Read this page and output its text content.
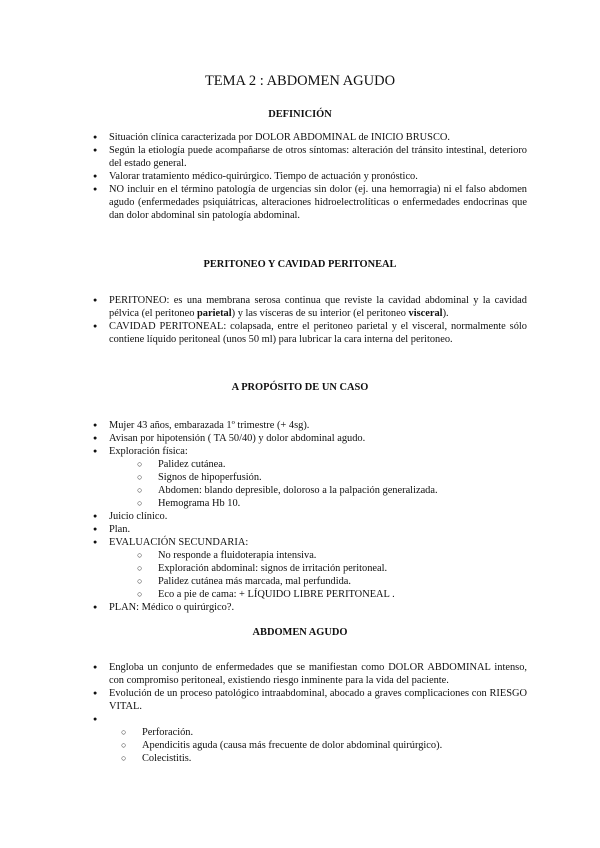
TEMA 2 : ABDOMEN AGUDO
DEFINICIÓN
● Situación clínica caracterizada por DOLOR ABDOMINAL de INICIO BRUSCO.
● Según la etiología puede acompañarse de otros síntomas: alteración del tránsito intestinal, deterioro del estado general.
● Valorar tratamiento médico-quirúrgico. Tiempo de actuación y pronóstico.
● NO incluir en el término patología de urgencias sin dolor (ej. una hemorragia) ni el falso abdomen agudo (enfermedades psiquiátricas, alteraciones hidroelectrolíticas o enfermedades endocrinas que dan dolor abdominal sin patología abdominal.
PERITONEO Y CAVIDAD PERITONEAL
● PERITONEO: es una membrana serosa continua que reviste la cavidad abdominal y la cavidad pélvica (el peritoneo parietal) y las vísceras de su interior (el peritoneo visceral).
● CAVIDAD PERITONEAL: colapsada, entre el peritoneo parietal y el visceral, normalmente sólo contiene líquido peritoneal (unos 50 ml) para lubricar la cara interna del peritoneo.
A PROPÓSITO DE UN CASO
● Mujer 43 años, embarazada 1º trimestre (+ 4sg).
● Avisan por hipotensión ( TA 50/40) y dolor abdominal agudo.
● Exploración física:
○ Palidez cutánea.
○ Signos de hipoperfusión.
○ Abdomen: blando depresible, doloroso a la palpación generalizada.
○ Hemograma Hb 10.
● Juicio clínico.
● Plan.
● EVALUACIÓN SECUNDARIA:
○ No responde a fluidoterapia intensiva.
○ Exploración abdominal: signos de irritación peritoneal.
○ Palidez cutánea más marcada, mal perfundida.
○ Eco a pie de cama: + LÍQUIDO LIBRE PERITONEAL .
● PLAN: Médico o quirúrgico?.
ABDOMEN AGUDO
● Engloba un conjunto de enfermedades que se manifiestan como DOLOR ABDOMINAL intenso, con compromiso peritoneal, existiendo riesgo inminente para la vida del paciente.
● Evolución de un proceso patológico intraabdominal, abocado a graves complicaciones con RIESGO VITAL.
●
○ Perforación.
○ Apendicitis aguda (causa más frecuente de dolor abdominal quirúrgico).
○ Colecistitis.
